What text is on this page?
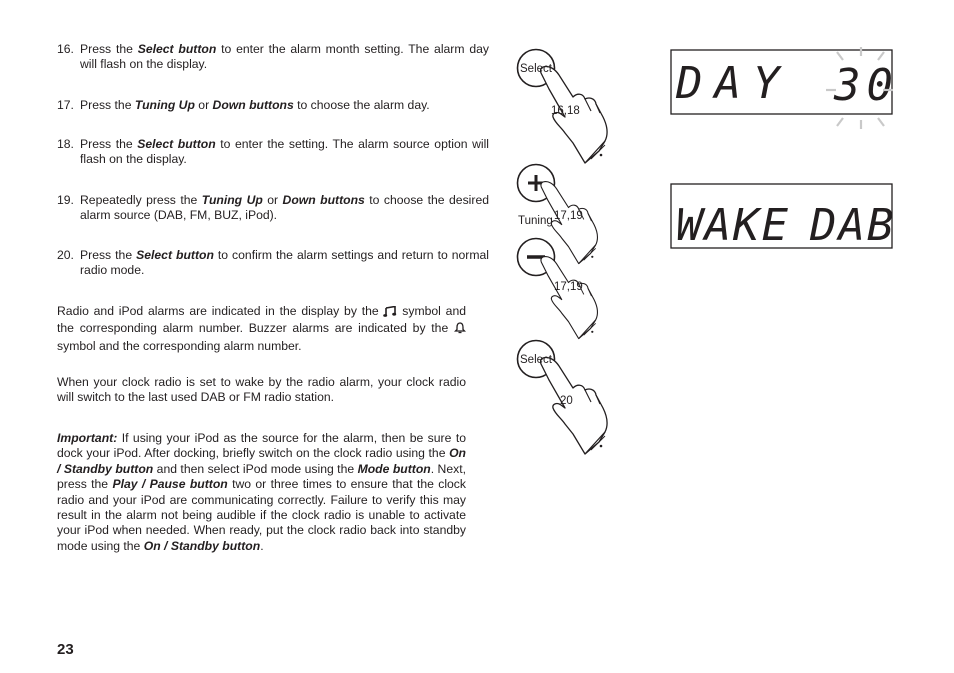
16. Press the Select button to enter the alarm month setting. The alarm day will flash on the display.
17. Press the Tuning Up or Down buttons to choose the alarm day.
18. Press the Select button to enter the setting. The alarm source option will flash on the display.
19. Repeatedly press the Tuning Up or Down buttons to choose the desired alarm source (DAB, FM, BUZ, iPod).
20. Press the Select button to confirm the alarm settings and return to normal radio mode.
Radio and iPod alarms are indicated in the display by the  symbol and the corresponding alarm number. Buzzer alarms are indicated by the  symbol and the corresponding alarm number.
When your clock radio is set to wake by the radio alarm, your clock radio will switch to the last used DAB or FM radio station.
Important: If using your iPod as the source for the alarm, then be sure to dock your iPod. After docking, briefly switch on the clock radio using the On / Standby button and then select iPod mode using the Mode button. Next, press the Play / Pause button two or three times to ensure that the clock radio and your iPod are communicating correctly. Failure to verify this may result in the alarm not being audible if the clock radio is unable to activate your iPod when needed. When ready, put the clock radio back into standby mode using the On / Standby button.
Select
16,18
Tuning 17,19
17,19
Select
20
DAY 30
WAKE DAB
23
